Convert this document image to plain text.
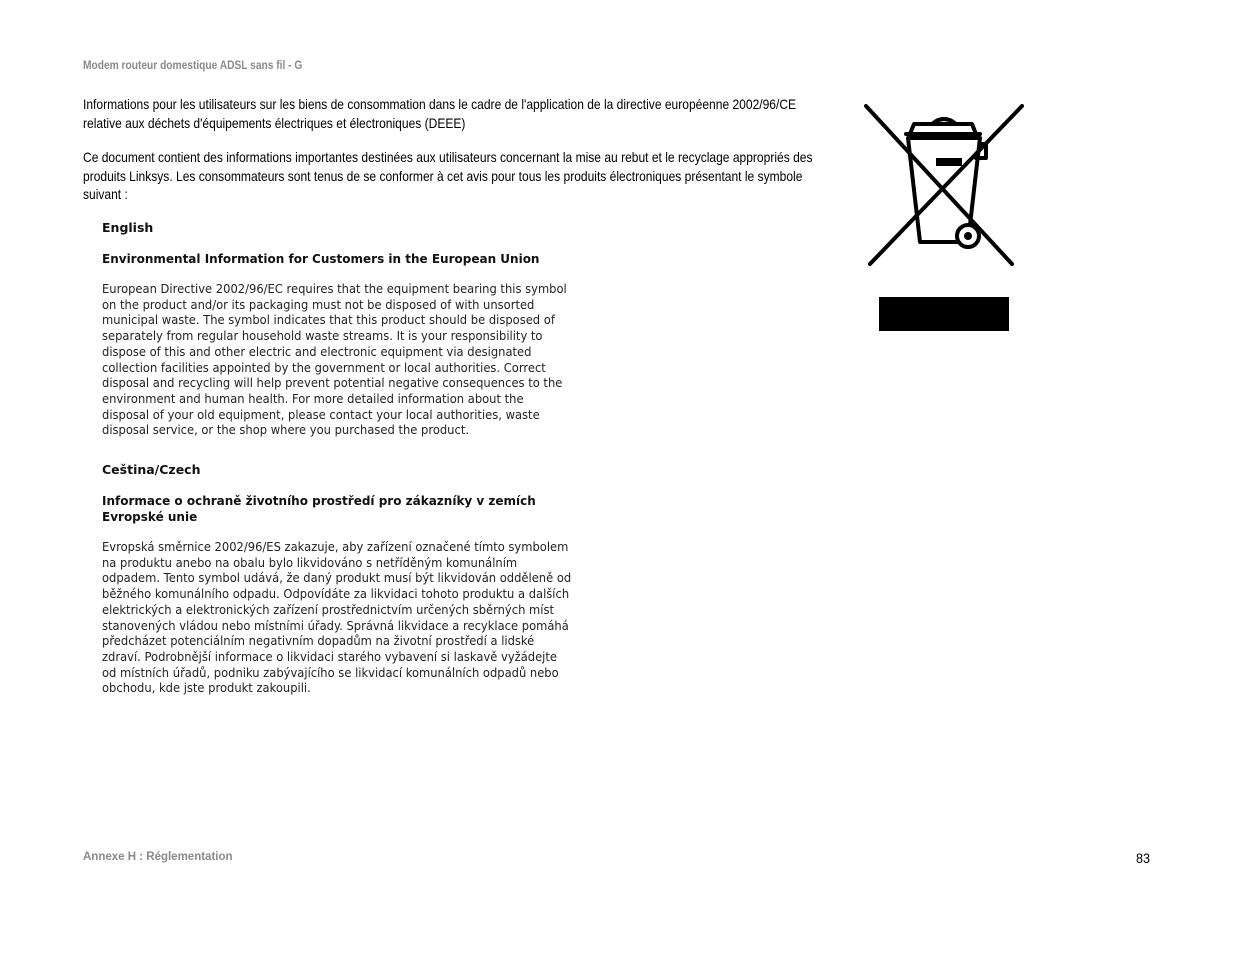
Modem routeur domestique ADSL sans fil - G

Informations pour les utilisateurs sur les biens de consommation dans le cadre de l'application de la directive européenne 2002/96/CE relative aux déchets d'équipements électriques et électroniques (DEEE)

Ce document contient des informations importantes destinées aux utilisateurs concernant la mise au rebut et le recyclage appropriés des produits Linksys. Les consommateurs sont tenus de se conformer à cet avis pour tous les produits électroniques présentant le symbole suivant :

English

Environmental Information for Customers in the European Union

European Directive 2002/96/EC requires that the equipment bearing this symbol on the product and/or its packaging must not be disposed of with unsorted municipal waste. The symbol indicates that this product should be disposed of separately from regular household waste streams. It is your responsibility to dispose of this and other electric and electronic equipment via designated collection facilities appointed by the government or local authorities. Correct disposal and recycling will help prevent potential negative consequences to the environment and human health. For more detailed information about the disposal of your old equipment, please contact your local authorities, waste disposal service, or the shop where you purchased the product.

Ceština/Czech

Informace o ochraně životního prostředí pro zákazníky v zemích Evropské unie

Evropská směrnice 2002/96/ES zakazuje, aby zařízení označené tímto symbolem na produktu anebo na obalu bylo likvidováno s netříděným komunálním odpadem. Tento symbol udává, že daný produkt musí být likvidován odděleně od běžného komunálního odpadu. Odpovídáte za likvidaci tohoto produktu a dalších elektrických a elektronických zařízení prostřednictvím určených sběrných míst stanovených vládou nebo místními úřady. Správná likvidace a recyklace pomáhá předcházet potenciálním negativním dopadům na životní prostředí a lidské zdraví. Podrobnější informace o likvidaci starého vybavení si laskavě vyžádejte od místních úřadů, podniku zabývajícího se likvidací komunálních odpadů nebo obchodu, kde jste produkt zakoupili.

Annexe H : Réglementation	83
